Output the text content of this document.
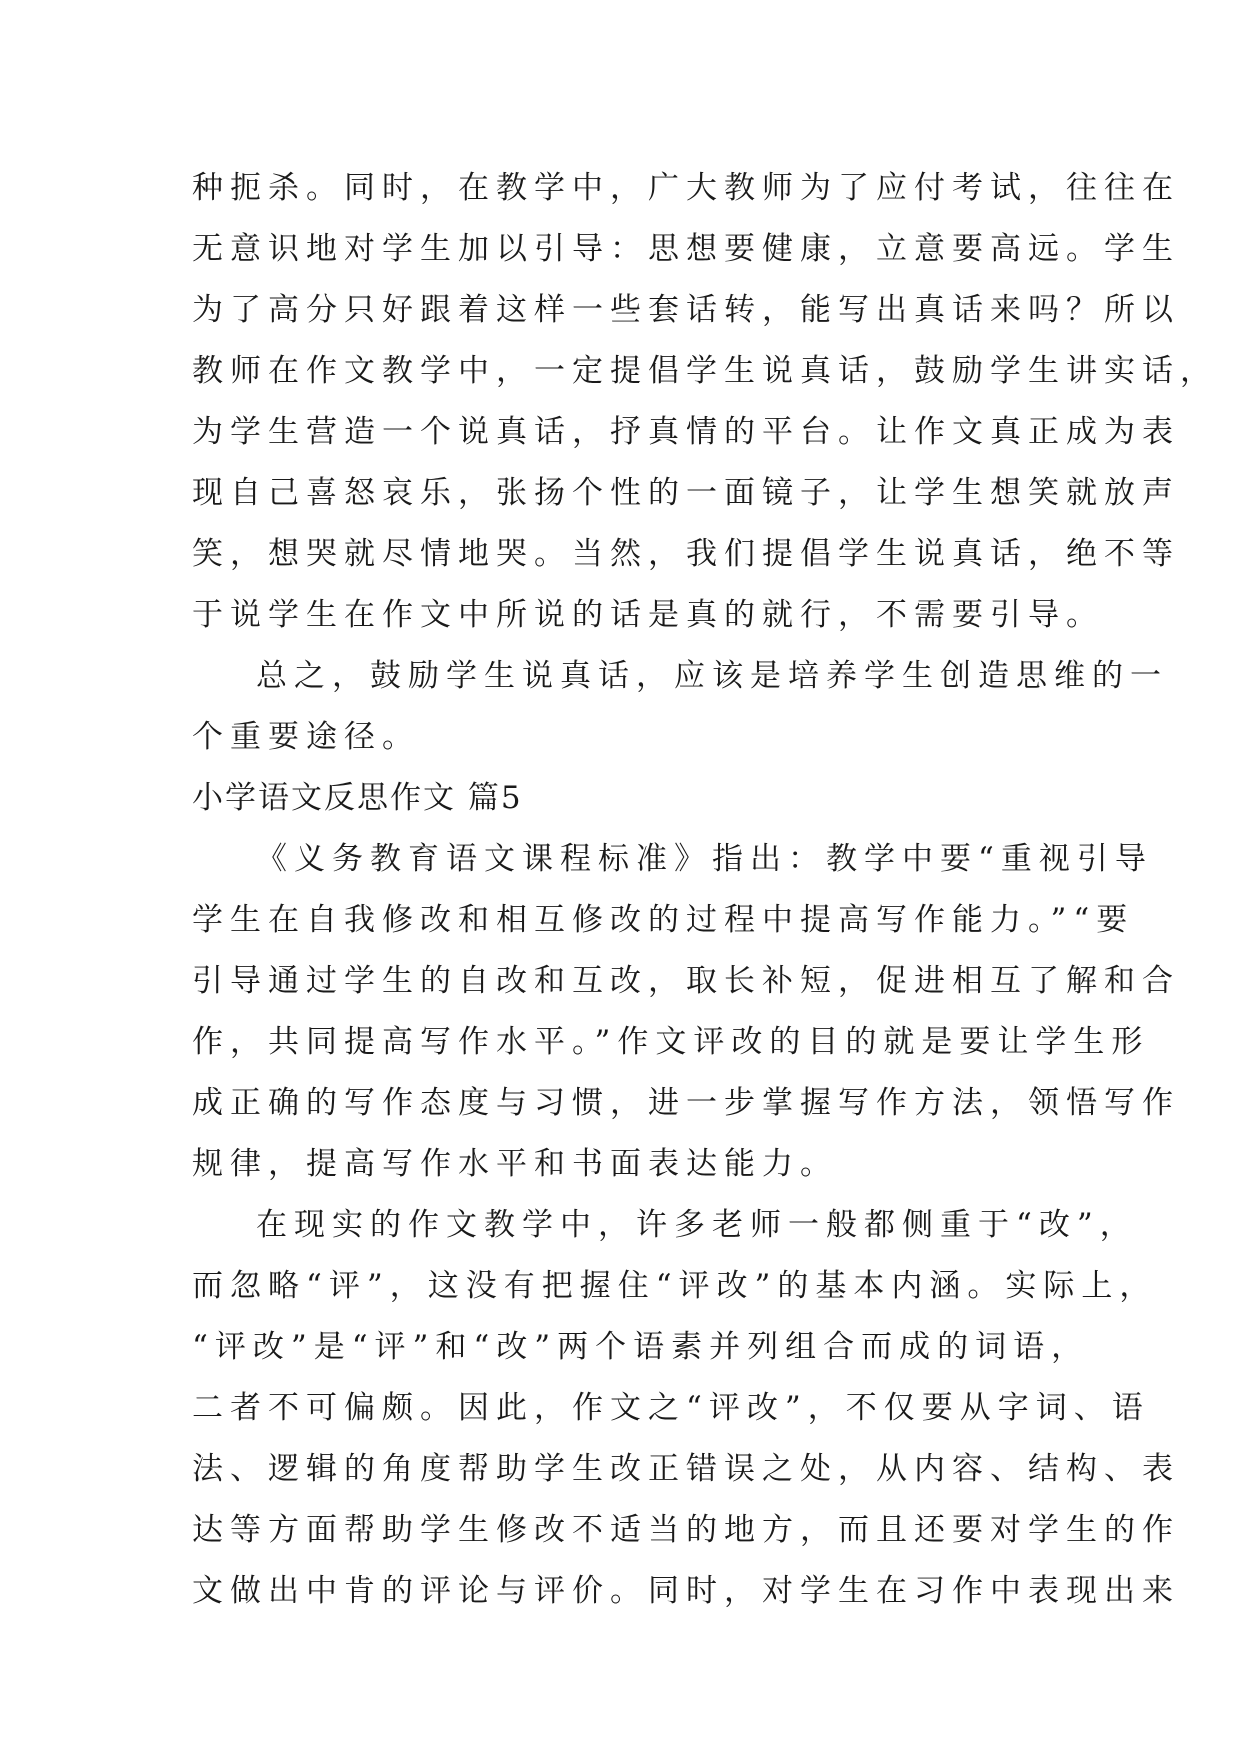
种扼杀。同时，在教学中，广大教师为了应付考试，往往在
无意识地对学生加以引导：思想要健康，立意要高远。学生
为了高分只好跟着这样一些套话转，能写出真话来吗？所以
教师在作文教学中，一定提倡学生说真话，鼓励学生讲实话，
为学生营造一个说真话，抒真情的平台。让作文真正成为表
现自己喜怒哀乐，张扬个性的一面镜子，让学生想笑就放声
笑，想哭就尽情地哭。当然，我们提倡学生说真话，绝不等
于说学生在作文中所说的话是真的就行，不需要引导。
总之，鼓励学生说真话，应该是培养学生创造思维的一
个重要途径。
小学语文反思作文 篇5
《义务教育语文课程标准》指出：教学中要“重视引导
学生在自我修改和相互修改的过程中提高写作能力。”“要
引导通过学生的自改和互改，取长补短，促进相互了解和合
作，共同提高写作水平。”作文评改的目的就是要让学生形
成正确的写作态度与习惯，进一步掌握写作方法，领悟写作
规律，提高写作水平和书面表达能力。
在现实的作文教学中，许多老师一般都侧重于“改”，
而忽略“评”，这没有把握住“评改”的基本内涵。实际上，
“评改”是“评”和“改”两个语素并列组合而成的词语，
二者不可偏颇。因此，作文之“评改”，不仅要从字词、语
法、逻辑的角度帮助学生改正错误之处，从内容、结构、表
达等方面帮助学生修改不适当的地方，而且还要对学生的作
文做出中肯的评论与评价。同时，对学生在习作中表现出来
